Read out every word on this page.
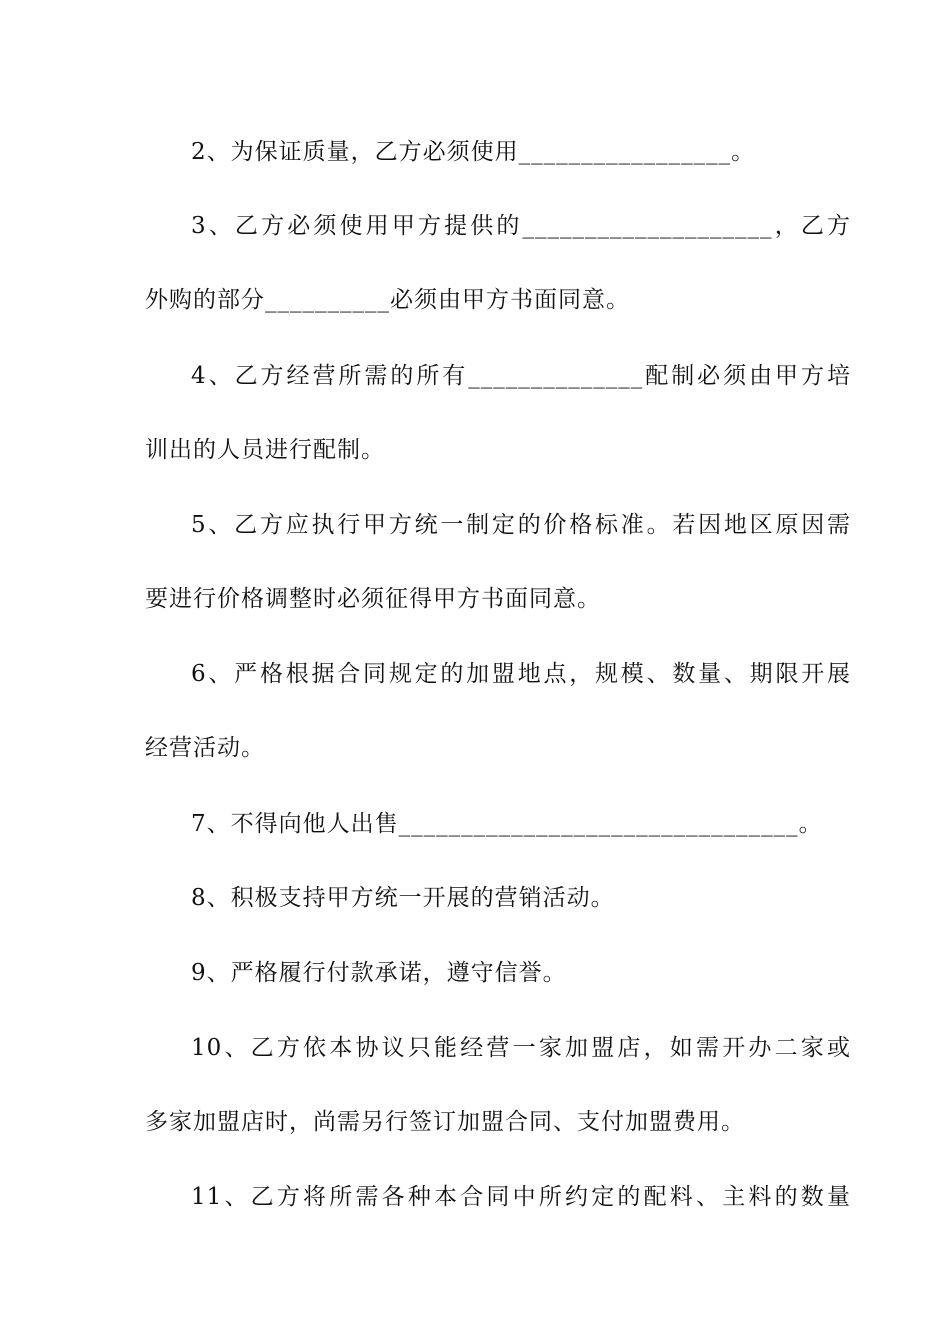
2、为保证质量，乙方必须使用_________________。
3、乙方必须使用甲方提供的____________________，乙方
外购的部分__________必须由甲方书面同意。
4、乙方经营所需的所有______________配制必须由甲方培
训出的人员进行配制。
5、乙方应执行甲方统一制定的价格标准。若因地区原因需
要进行价格调整时必须征得甲方书面同意。
6、严格根据合同规定的加盟地点，规模、数量、期限开展
经营活动。
7、不得向他人出售________________________________。
8、积极支持甲方统一开展的营销活动。
9、严格履行付款承诺，遵守信誉。
10、乙方依本协议只能经营一家加盟店，如需开办二家或
多家加盟店时，尚需另行签订加盟合同、支付加盟费用。
11、乙方将所需各种本合同中所约定的配料、主料的数量
